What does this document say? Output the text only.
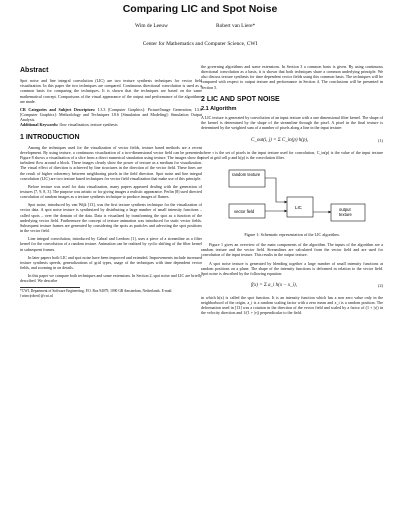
Comparing LIC and Spot Noise
Wim de Leeuw	Robert van Liere*
Center for Mathematics and Computer Science, CWI
Abstract

Spot noise and line integral convolution (LIC) are two texture synthesis techniques for vector field visualization. In this paper the two techniques are compared. Continuous directional convolution is used as a common basis for comparing the techniques. It is shown that the techniques are based on the same mathematical concept. Comparisons of the visual appearance of the output and performance of the algorithms are made.

CR Categories and Subject Descriptors: I.3.3 [Computer Graphics]: Picture/Image Generation; I.3.6 [Computer Graphics]: Methodology and Techniques I.8.6 [Simulation and Modeling]: Simulation Output Analysis.
Additional Keywords: flow visualization, texture synthesis

1 INTRODUCTION

Among the techniques used for the visualization of vector fields, texture based methods are a recent development. By using texture, a continuous visualization of a two-dimensional vector field can be presented. Figure 8 shows a visualization of a slice from a direct numerical simulation using texture. The images show the turbulent flow around a block. These images clearly show the power of texture as a medium for visualization. The visual effect of direction is achieved by line structures in the direction of the vector field. These lines are the result of higher coherency between neighboring pixels in the field direction. Spot noise and line integral convolution (LIC) are two texture based techniques for vector field visualization that make use of this principle.

Before texture was used for data visualization, many papers appeared dealing with the generation of textures [7, 9, 8, 3]. The purpose was artistic or for giving images a realistic appearance. Perlin [8] used directed convolution of random images as a texture synthesis technique to produce images of flames.

Spot noise, introduced by van Wijk [13], was the first texture synthesis technique for the visualization of vector data. A spot noise texture is synthesized by distributing a large number of small intensity functions – called spots – over the domain of the data. Data is visualized by transforming the spot as a function of the underlying vector field. Furthermore the concept of texture animation was introduced for static vector fields. Subsequent texture frames are generated by considering the spots as particles and advecting the spot positions in the vector field.

Line integral convolution, introduced by Cabral and Leedom [1], uses a piece of a streamline as a filter kernel for the convolution of a random texture. Animation can be realized by cyclic shifting of the filter kernel in subsequent frames.

In later papers both LIC and spot noise have been improved and extended. Improvements include increased texture synthesis speeds, generalizations of grid types, usage of the techniques with time dependent vector fields, and zooming in on details.

In this paper we compare both techniques and some extensions. In Section 2, spot noise and LIC are briefly described. We describe

*CWI, Department of Software Engineering, P.O. Box 94079, 1090 GB Amsterdam, Netherlands. E-mail: {wimc|robert}@cwi.nl

the governing algorithms and some extensions. In Section 3 a common basis is given. By using continuous directional convolution as a basis, it is shown that both techniques share a common underlying principle. We also discuss texture synthesis for time dependent vector fields using this common basis. The techniques will be compared with respect to output texture and performance in Section 4. The conclusions will be presented in Section 5.

2 LIC AND SPOT NOISE
2.1 Algorithm

A LIC texture is generated by convolution of an input texture with a one dimensional filter kernel. The shape of the kernel is determined by the shape of the streamline through the pixel. A pixel in the final texture is determined by the weighted sum of a number of pixels along a line in the input texture:

C_out(i, j) = Σ C_in(p) h(p),	(1)

where τ is the set of pixels in the input texture used for convolution, C_in(p) is the value of the input texture pixel at grid cell p and h(p) is the convolution filter.

random texture
vector field
LIC	output texture
Figure 1: Schematic representation of the LIC algorithm.

Figure 1 gives an overview of the main components of the algorithm. The inputs of the algorithm are a random texture and the vector field. Streamlines are calculated from the vector field and are used for convolution of the input texture. This results in the output texture.

A spot noise texture is generated by blending together a large number of small intensity functions at random positions on a plane. The shape of the intensity functions is deformed in relation to the vector field. Spot noise is described by the following equation:

f(x) = Σ a_i h(x − x_i),	(2)

in which h(x) is called the spot function. It is an intensity function which has a non zero value only in the neighborhood of the origin, a_i is a random scaling factor with a zero mean and x_i is a random position. The deformation used in [13] was a rotation in the direction of the vector field and scaled by a factor of (1 + |v|) in the velocity direction and 1/(1 + |v|) perpendicular to the field.
